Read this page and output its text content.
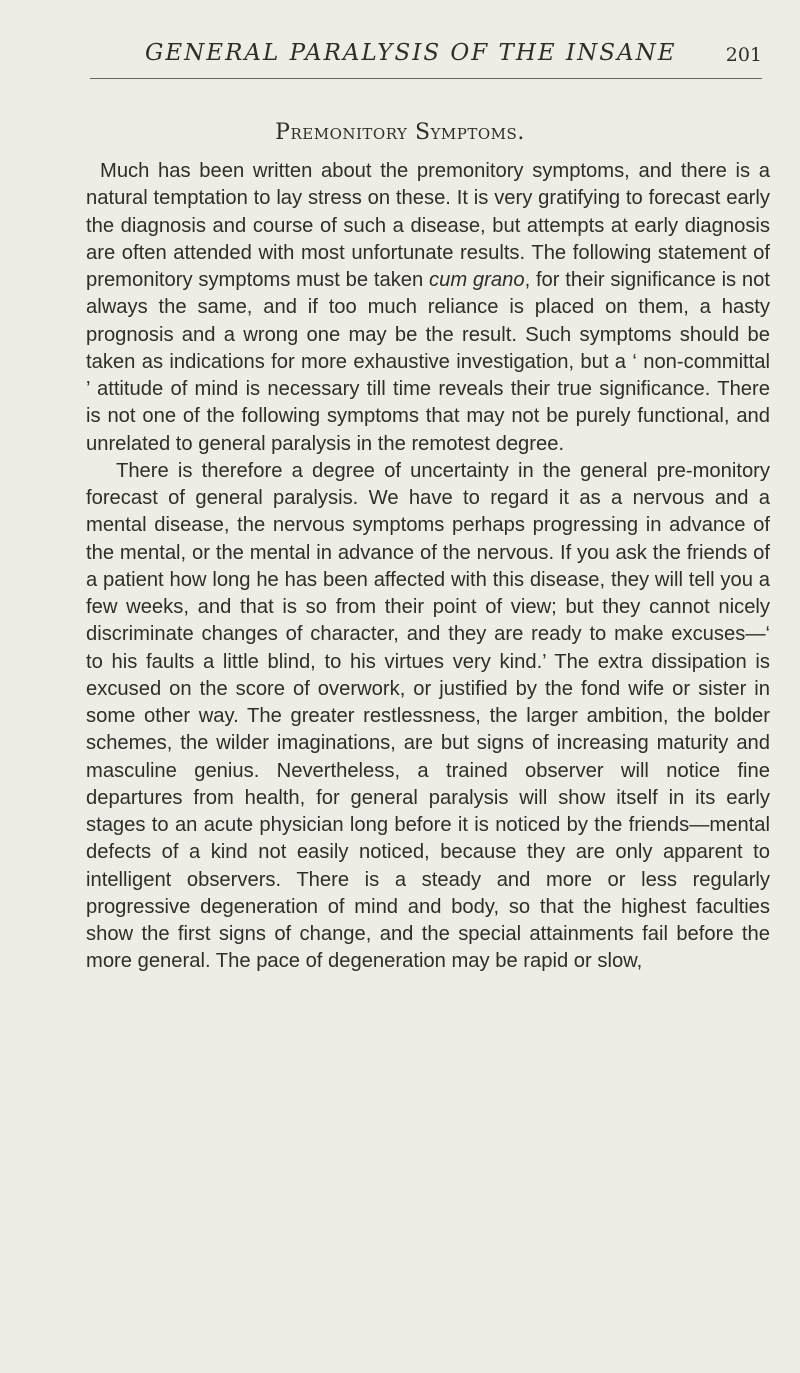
GENERAL PARALYSIS OF THE INSANE	201
Premonitory Symptoms.

Much has been written about the premonitory symptoms, and there is a natural temptation to lay stress on these. It is very gratifying to forecast early the diagnosis and course of such a disease, but attempts at early diagnosis are often attended with most unfortunate results. The following statement of premonitory symptoms must be taken cum grano, for their significance is not always the same, and if too much reliance is placed on them, a hasty prognosis and a wrong one may be the result. Such symptoms should be taken as indications for more exhaustive investigation, but a ‘ non-committal ’ attitude of mind is necessary till time reveals their true significance. There is not one of the following symptoms that may not be purely functional, and unrelated to general paralysis in the remotest degree.

There is therefore a degree of uncertainty in the general pre-monitory forecast of general paralysis. We have to regard it as a nervous and a mental disease, the nervous symptoms perhaps progressing in advance of the mental, or the mental in advance of the nervous. If you ask the friends of a patient how long he has been affected with this disease, they will tell you a few weeks, and that is so from their point of view; but they cannot nicely discriminate changes of character, and they are ready to make excuses—‘ to his faults a little blind, to his virtues very kind.’ The extra dissipation is excused on the score of overwork, or justified by the fond wife or sister in some other way. The greater restlessness, the larger ambition, the bolder schemes, the wilder imaginations, are but signs of increasing maturity and masculine genius. Nevertheless, a trained observer will notice fine departures from health, for general paralysis will show itself in its early stages to an acute physician long before it is noticed by the friends—mental defects of a kind not easily noticed, because they are only apparent to intelligent observers. There is a steady and more or less regularly progressive degeneration of mind and body, so that the highest faculties show the first signs of change, and the special attainments fail before the more general. The pace of degeneration may be rapid or slow,
